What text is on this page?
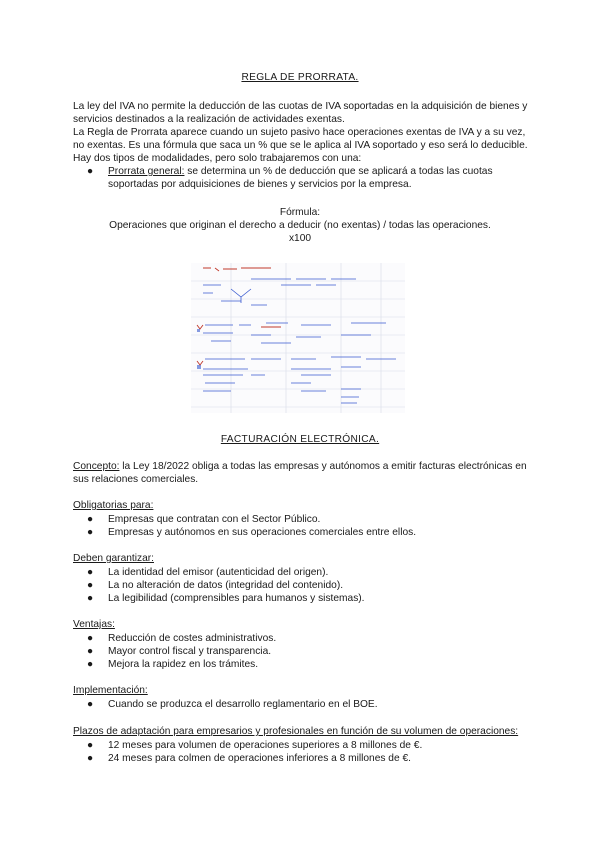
REGLA DE PRORRATA.

La ley del IVA no permite la deducción de las cuotas de IVA soportadas en la adquisición de bienes y servicios destinados a la realización de actividades exentas.

La Regla de Prorrata aparece cuando un sujeto pasivo hace operaciones exentas de IVA y a su vez, no exentas. Es una fórmula que saca un % que se le aplica al IVA soportado y eso será lo deducible.

Hay dos tipos de modalidades, pero solo trabajaremos con una:

● Prorrata general: se determina un % de deducción que se aplicará a todas las cuotas soportadas por adquisiciones de bienes y servicios por la empresa.
Fórmula:
Operaciones que originan el derecho a deducir (no exentas) / todas las operaciones.
x100
FACTURACIÓN ELECTRÓNICA.
Concepto: la Ley 18/2022 obliga a todas las empresas y autónomos a emitir facturas electrónicas en sus relaciones comerciales.
Obligatorias para:
● Empresas que contratan con el Sector Público.
● Empresas y autónomos en sus operaciones comerciales entre ellos.
Deben garantizar:
● La identidad del emisor (autenticidad del origen).
● La no alteración de datos (integridad del contenido).
● La legibilidad (comprensibles para humanos y sistemas).
Ventajas:
● Reducción de costes administrativos.
● Mayor control fiscal y transparencia.
● Mejora la rapidez en los trámites.
Implementación:
● Cuando se produzca el desarrollo reglamentario en el BOE.
Plazos de adaptación para empresarios y profesionales en función de su volumen de operaciones:
● 12 meses para volumen de operaciones superiores a 8 millones de €.
● 24 meses para colmen de operaciones inferiores a 8 millones de €.
